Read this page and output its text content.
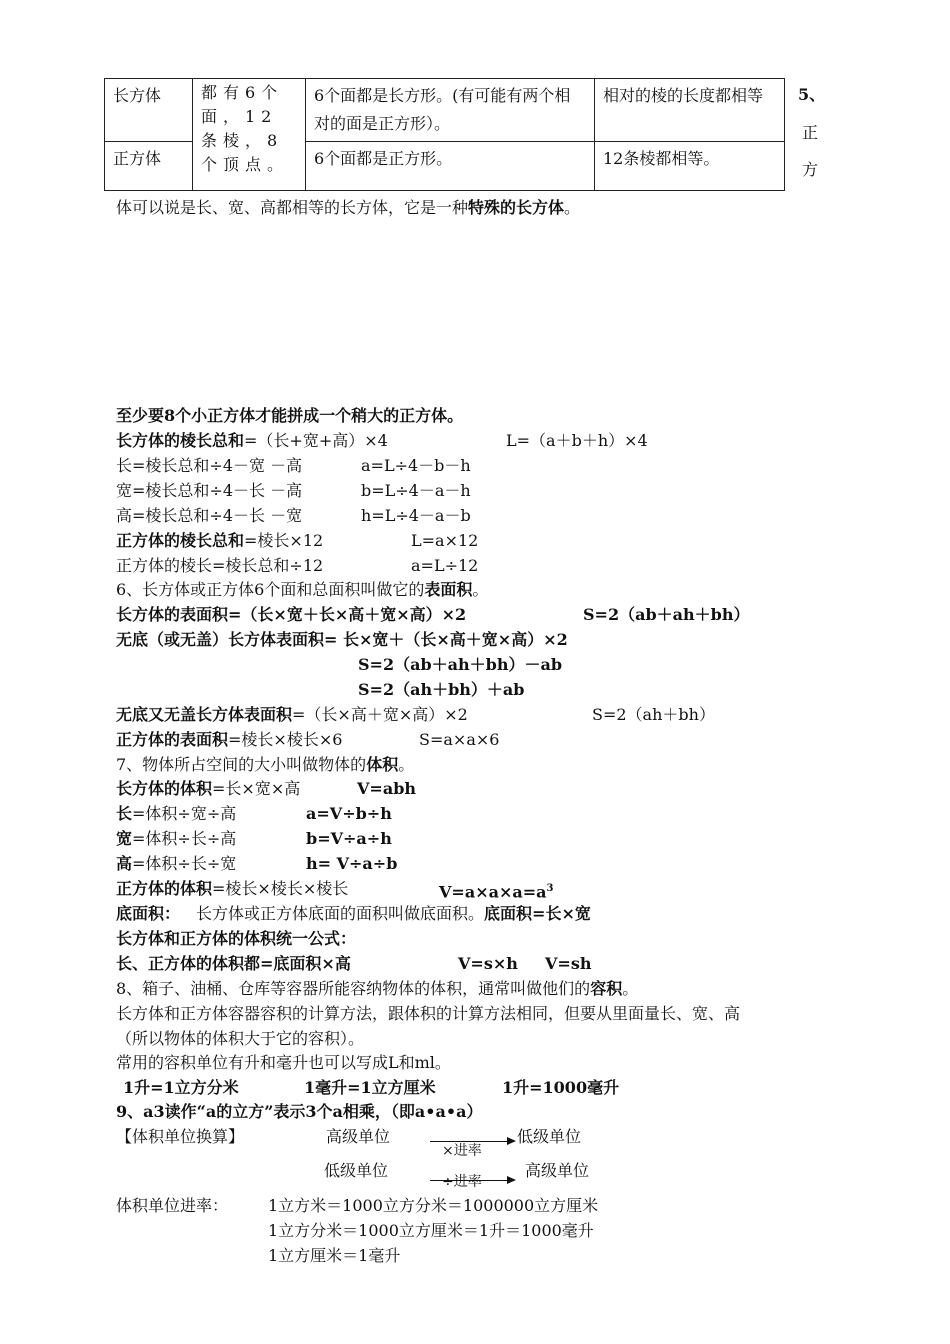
长方体	都有6个面，12条棱，8个顶点。	6个面都是长方形。(有可能有两个相对的面是正方形）。	相对的棱的长度都相等
正方体		6个面都是正方形。	12条棱都相等。
5、
正
方
体可以说是长、宽、高都相等的长方体，它是一种特殊的长方体。
至少要8个小正方体才能拼成一个稍大的正方体。
长方体的棱长总和=（长+宽+高）×4	L=（a＋b＋h）×4
长=棱长总和÷4－宽 －高	a=L÷4－b－h
宽=棱长总和÷4－长 －高	b=L÷4－a－h
高=棱长总和÷4－长 －宽	h=L÷4－a－b
正方体的棱长总和=棱长×12	L=a×12
正方体的棱长=棱长总和÷12	a=L÷12
6、长方体或正方体6个面和总面积叫做它的表面积。
长方体的表面积=（长×宽＋长×高＋宽×高）×2	S=2（ab＋ah＋bh）
无底（或无盖）长方体表面积= 长×宽＋（长×高＋宽×高）×2
S=2（ab＋ah＋bh）－ab
S=2（ah＋bh）＋ab
无底又无盖长方体表面积=（长×高＋宽×高）×2	S=2（ah＋bh）
正方体的表面积=棱长×棱长×6	S=a×a×6
7、物体所占空间的大小叫做物体的体积。
长方体的体积=长×宽×高	V=abh
长=体积÷宽÷高	a=V÷b÷h
宽=体积÷长÷高	b=V÷a÷h
高=体积÷长÷宽	h= V÷a÷b
正方体的体积=棱长×棱长×棱长	$V=a\times a\times a=a^3$
底面积： 长方体或正方体底面的面积叫做底面积。底面积=长×宽
长方体和正方体的体积统一公式：
长、正方体的体积都=底面积×高	V=s×h V=sh
8、箱子、油桶、仓库等容器所能容纳物体的体积，通常叫做他们的容积。
长方体和正方体容器容积的计算方法，跟体积的计算方法相同，但要从里面量长、宽、高
（所以物体的体积大于它的容积）。
常用的容积单位有升和毫升也可以写成L和ml。
1升=1立方分米	1毫升=1立方厘米	1升=1000毫升
9、a3读作“a的立方”表示3个a相乘，（即a•a•a）
【体积单位换算】	高级单位
×进率
低级单位
低级单位
÷进率
高级单位
体积单位进率： 1立方米＝1000立方分米＝1000000立方厘米
1立方分米＝1000立方厘米＝1升＝1000毫升
1立方厘米＝1毫升
